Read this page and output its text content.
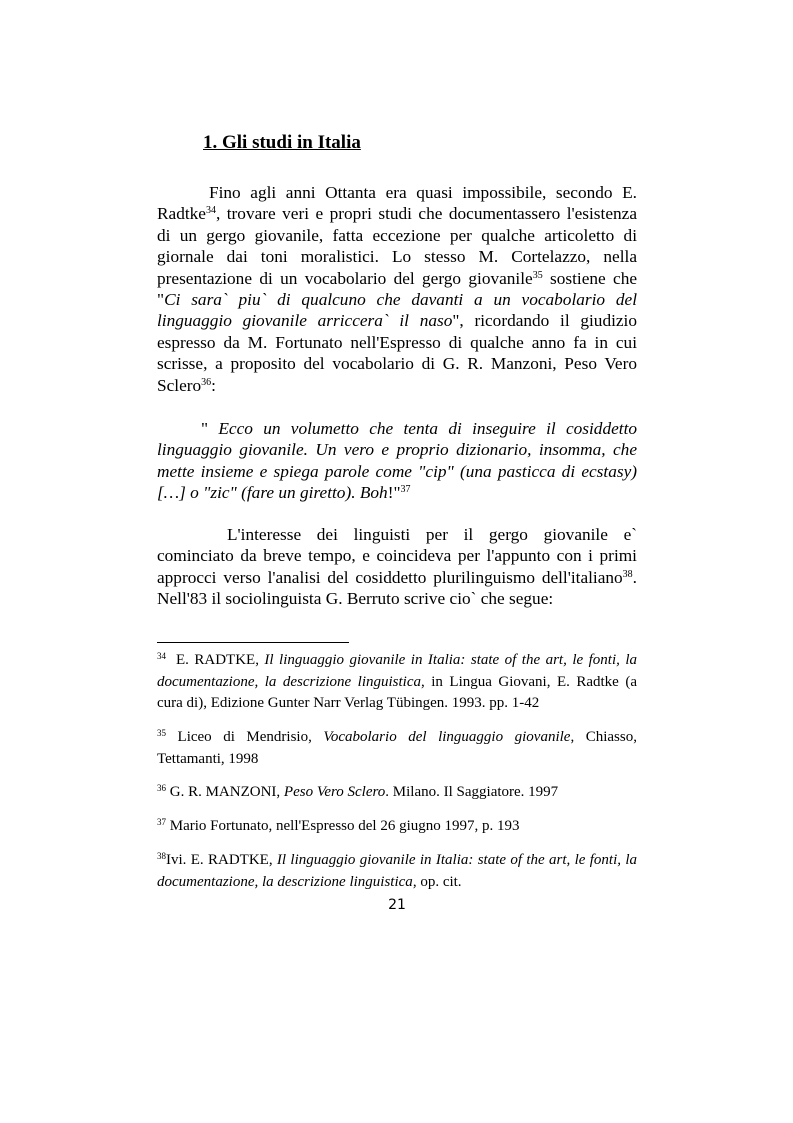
1. Gli studi in Italia

Fino agli anni Ottanta era quasi impossibile, secondo E. Radtke$^{34}$, trovare veri e propri studi che documentassero l'esistenza di un gergo giovanile, fatta eccezione per qualche articoletto di giornale dai toni moralistici. Lo stesso M. Cortelazzo, nella presentazione di un vocabolario del gergo giovanile$^{35}$ sostiene che "Ci sara` piu` di qualcuno che davanti a un vocabolario del linguaggio giovanile arriccera` il naso", ricordando il giudizio espresso da M. Fortunato nell'Espresso di qualche anno fa in cui scrisse, a proposito del vocabolario di G. R. Manzoni, Peso Vero Sclero$^{36}$:

" Ecco un volumetto che tenta di inseguire il cosiddetto linguaggio giovanile. Un vero e proprio dizionario, insomma, che mette insieme e spiega parole come "cip" (una pasticca di ecstasy) […] o "zic" (fare un giretto). Boh!"$^{37}$

L'interesse dei linguisti per il gergo giovanile e` cominciato da breve tempo, e coincideva per l'appunto con i primi approcci verso l'analisi del cosiddetto plurilinguismo dell'italiano$^{38}$. Nell'83 il sociolinguista G. Berruto scrive cio` che segue:

$^{34}$ E. RADTKE, Il linguaggio giovanile in Italia: state of the art, le fonti, la documentazione, la descrizione linguistica, in Lingua Giovani, E. Radtke (a cura di), Edizione Gunter Narr Verlag Tübingen. 1993. pp. 1-42

$^{35}$ Liceo di Mendrisio, Vocabolario del linguaggio giovanile, Chiasso, Tettamanti, 1998

$^{36}$ G. R. MANZONI, Peso Vero Sclero. Milano. Il Saggiatore. 1997

$^{37}$ Mario Fortunato, nell'Espresso del 26 giugno 1997, p. 193

$^{38}$Ivi. E. RADTKE, Il linguaggio giovanile in Italia: state of the art, le fonti, la documentazione, la descrizione linguistica, op. cit.

21
